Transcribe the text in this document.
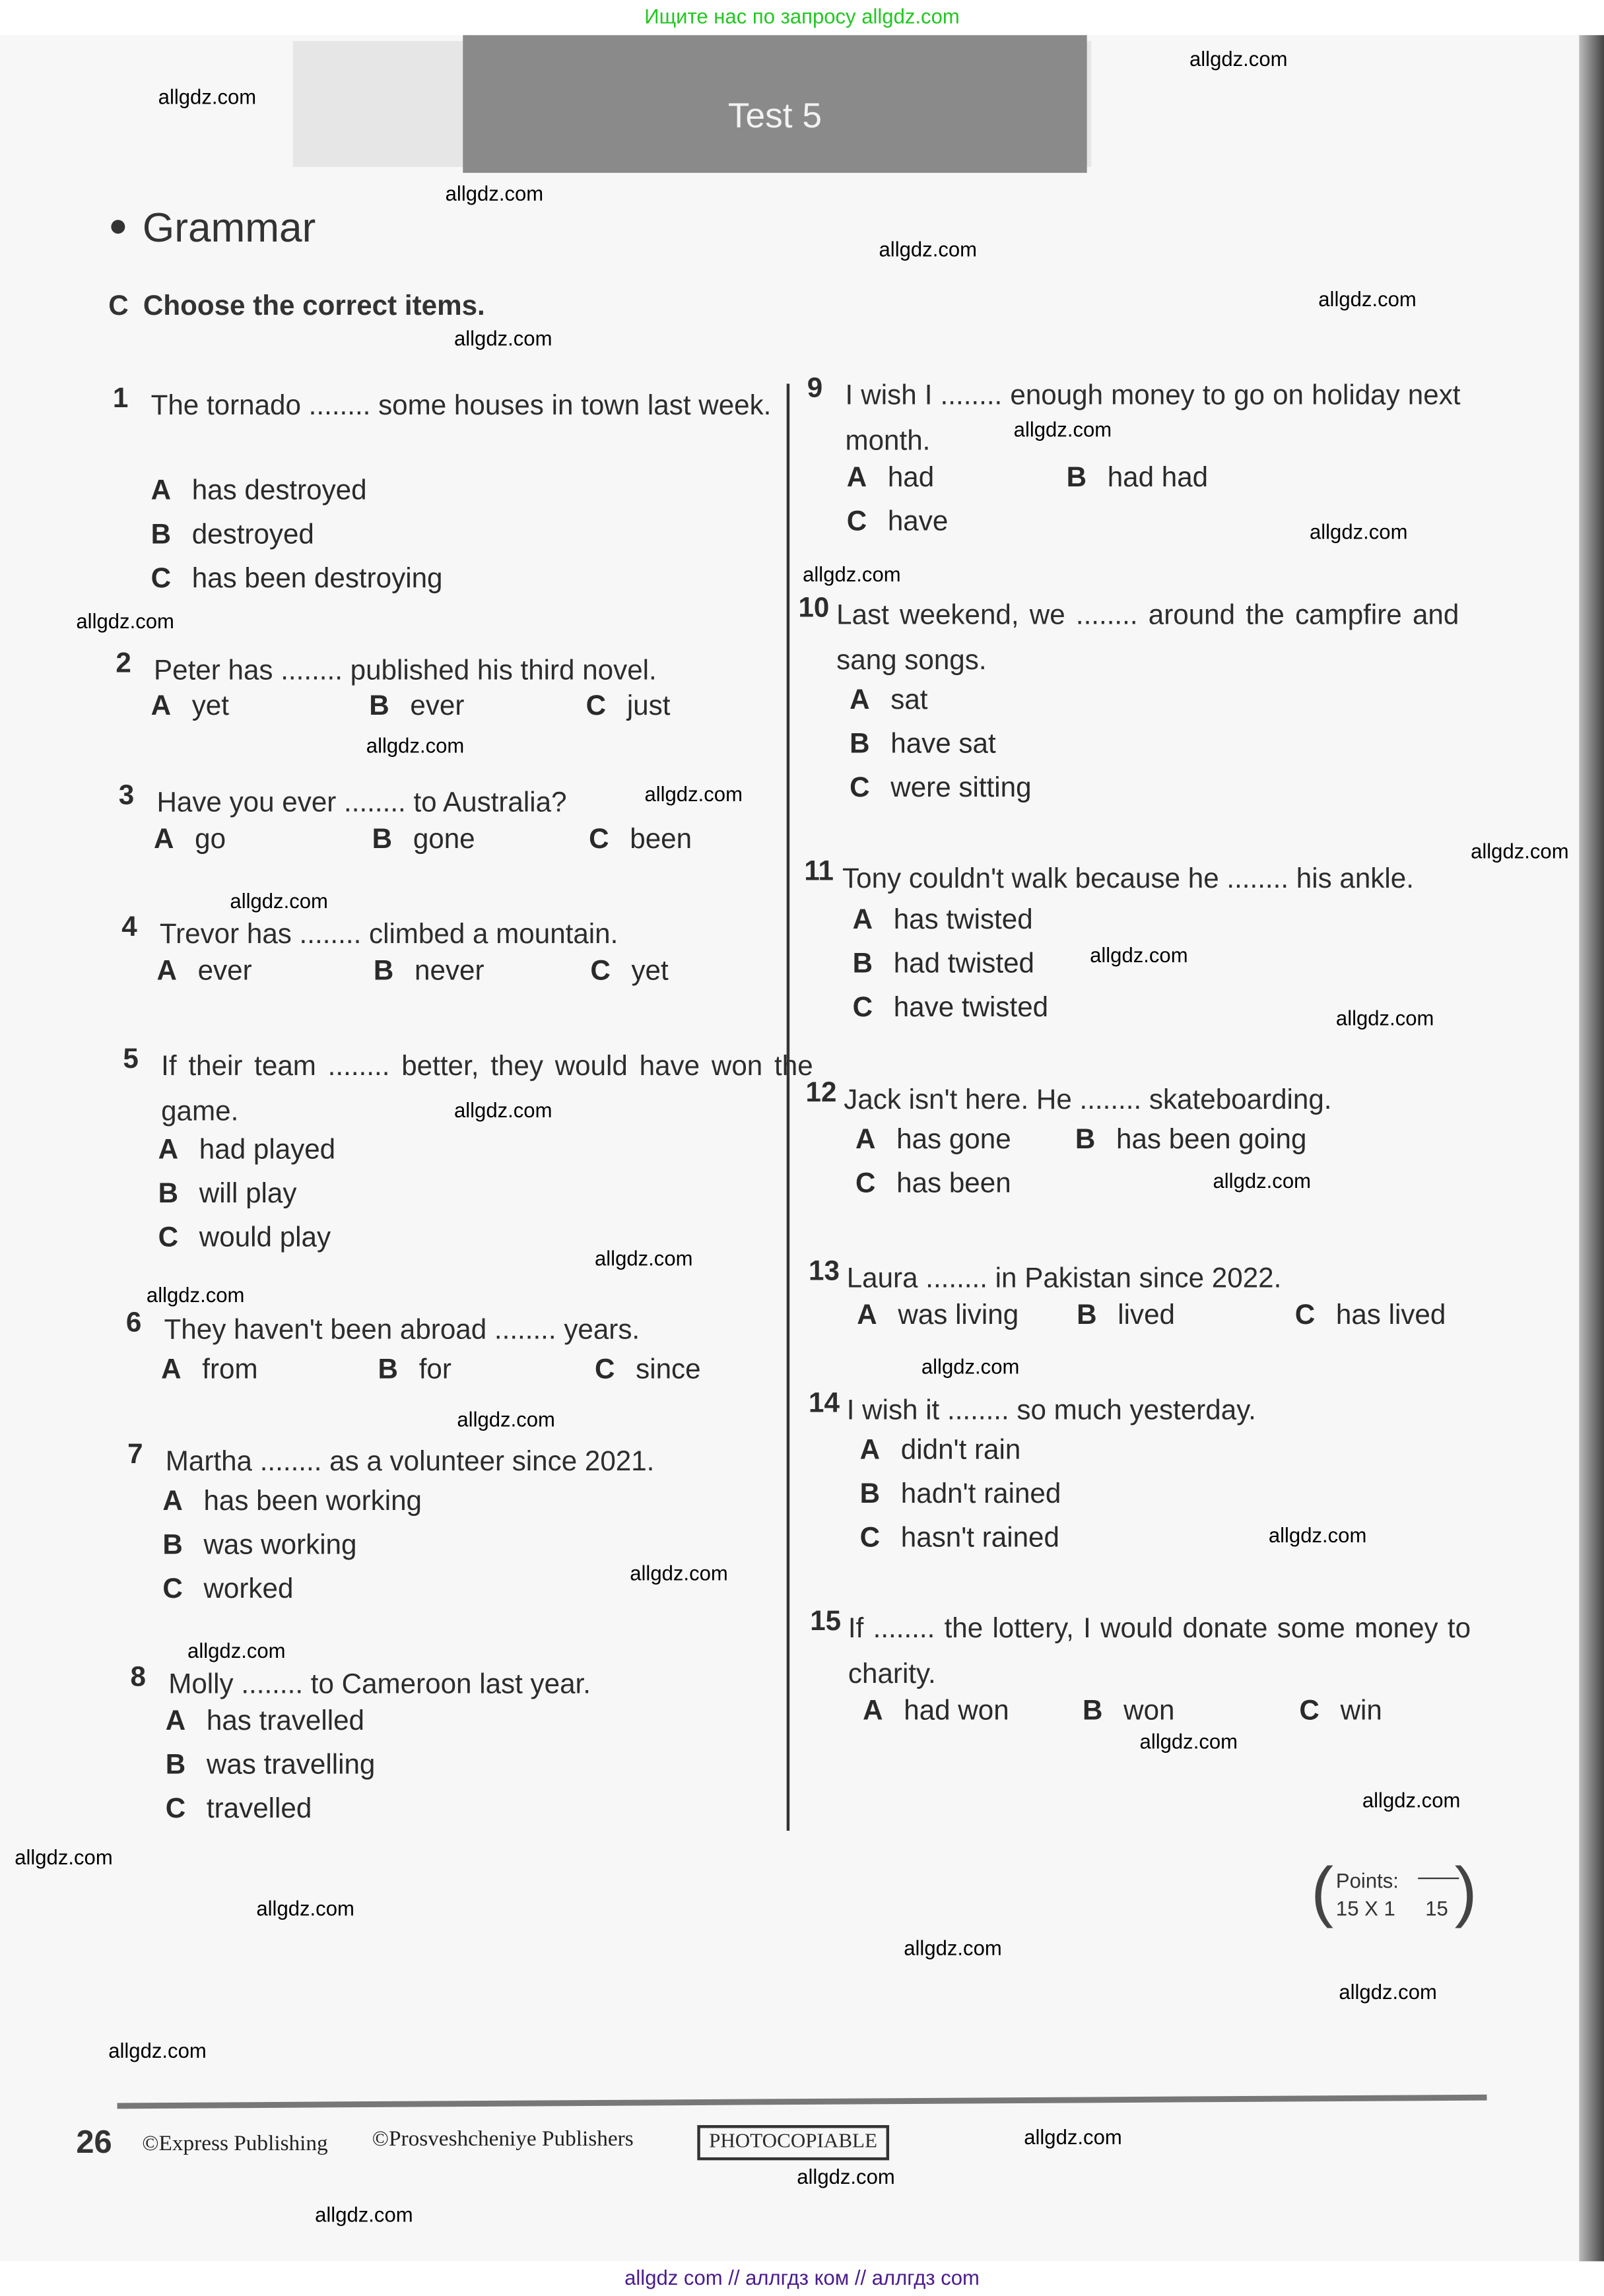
Ищите нас по запросу allgdz.com
Test 5
● Grammar
C Choose the correct items.
1 The tornado ........ some houses in town last week.
A has destroyed
B destroyed
C has been destroying
2 Peter has ........ published his third novel.
A yet	B ever	C just
3 Have you ever ........ to Australia?
A go	B gone	C been
4 Trevor has ........ climbed a mountain.
A ever	B never	C yet
5 If their team ........ better, they would have won the game.
A had played
B will play
C would play
6 They haven't been abroad ........ years.
A from	B for	C since
7 Martha ........ as a volunteer since 2021.
A has been working
B was working
C worked
8 Molly ........ to Cameroon last year.
A has travelled
B was travelling
C travelled
9 I wish I ........ enough money to go on holiday next month.
A had	B had had
C have
10 Last weekend, we ........ around the campfire and sang songs.
A sat
B have sat
C were sitting
11 Tony couldn't walk because he ........ his ankle.
A has twisted
B had twisted
C have twisted
12 Jack isn't here. He ........ skateboarding.
A has gone	B has been going
C has been
13 Laura ........ in Pakistan since 2022.
A was living	B lived	C has lived
14 I wish it ........ so much yesterday.
A didn't rain
B hadn't rained
C hasn't rained
15 If ........ the lottery, I would donate some money to charity.
A had won	B won	C win
( Points:
15 X 1	15 )
26	©Express Publishing	©Prosveshcheniye Publishers	PHOTOCOPIABLE
allgdz.com
allgdz.com
allgdz.com
allgdz.com
allgdz.com
allgdz.com
allgdz.com
allgdz.com
allgdz.com
allgdz.com
allgdz.com
allgdz.com
allgdz.com
allgdz.com
allgdz.com
allgdz.com
allgdz.com
allgdz.com
allgdz.com
allgdz.com
allgdz.com
allgdz.com
allgdz.com
allgdz.com
allgdz.com
allgdz.com
allgdz.com
allgdz.com
allgdz.com
allgdz.com
allgdz.com
allgdz.com
allgdz.com
allgdz.com
allgdz.com
allgdz com // аллгдз ком // аллгдз com
